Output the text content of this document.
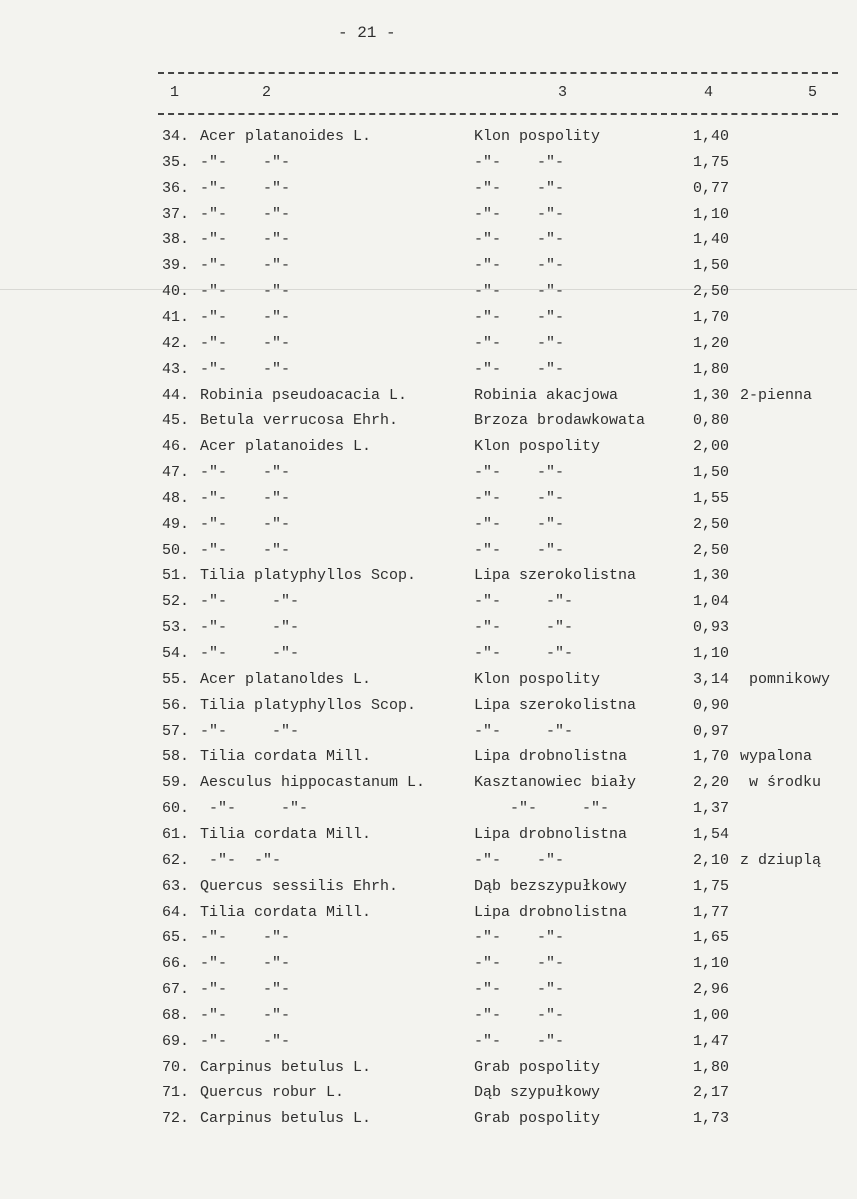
- 21 -
1	2	3	4	5
34. Acer platanoides L.	Klon pospolity	1,40
35. -"-    -"-	-"-    -"-	1,75
36. -"-    -"-	-"-    -"-	0,77
37. -"-    -"-	-"-    -"-	1,10
38. -"-    -"-	-"-    -"-	1,40
39. -"-    -"-	-"-    -"-	1,50
40. -"-    -"-	-"-    -"-	2,50
41. -"-    -"-	-"-    -"-	1,70
42. -"-    -"-	-"-    -"-	1,20
43. -"-    -"-	-"-    -"-	1,80
44. Robinia pseudoacacia L.	Robinia akacjowa	1,30 2-pienna
45. Betula verrucosa Ehrh.	Brzoza brodawkowata	0,80
46. Acer platanoides L.	Klon pospolity	2,00
47. -"-    -"-	-"-    -"-	1,50
48. -"-    -"-	-"-    -"-	1,55
49. -"-    -"-	-"-    -"-	2,50
50. -"-    -"-	-"-    -"-	2,50
51. Tilia platyphyllos Scop.	Lipa szerokolistna	1,30
52. -"-     -"-	-"-     -"-	1,04
53. -"-     -"-	-"-     -"-	0,93
54. -"-     -"-	-"-     -"-	1,10
55. Acer platanoldes L.	Klon pospolity	3,14 pomnikowy
56. Tilia platyphyllos Scop.	Lipa szerokolistna	0,90
57. -"-     -"-	-"-     -"-	0,97
58. Tilia cordata Mill.	Lipa drobnolistna	1,70 wypalona
59. Aesculus hippocastanum L.	Kasztanowiec biały	2,20 w środku
60. -"-     -"-	-"-     -"-	1,37
61. Tilia cordata Mill.	Lipa drobnolistna	1,54
62. -"-  -"-	-"-    -"-	2,10 z dziuplą
63. Quercus sessilis Ehrh.	Dąb bezszypułkowy	1,75
64. Tilia cordata Mill.	Lipa drobnolistna	1,77
65. -"-    -"-	-"-    -"-	1,65
66. -"-    -"-	-"-    -"-	1,10
67. -"-    -"-	-"-    -"-	2,96
68. -"-    -"-	-"-    -"-	1,00
69. -"-    -"-	-"-    -"-	1,47
70. Carpinus betulus L.	Grab pospolity	1,80
71. Quercus robur L.	Dąb szypułkowy	2,17
72. Carpinus betulus L.	Grab pospolity	1,73
